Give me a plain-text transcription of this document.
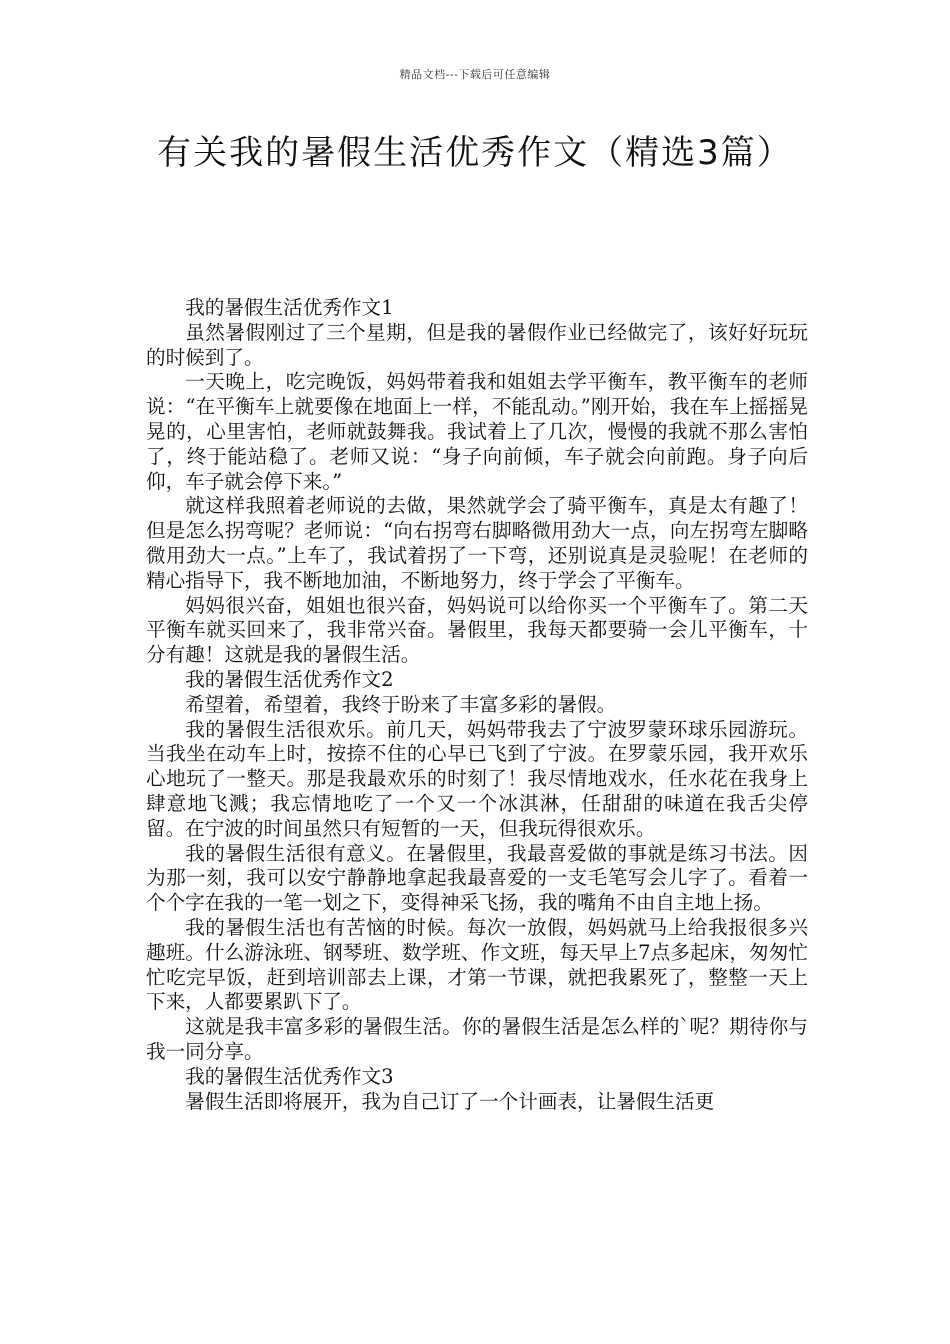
精品文档---下载后可任意编辑
有关我的暑假生活优秀作文（精选3篇）

我的暑假生活优秀作文1

虽然暑假刚过了三个星期，但是我的暑假作业已经做完了，该好好玩玩的时候到了。

一天晚上，吃完晚饭，妈妈带着我和姐姐去学平衡车，教平衡车的老师说：“在平衡车上就要像在地面上一样，不能乱动。”刚开始，我在车上摇摇晃晃的，心里害怕，老师就鼓舞我。我试着上了几次，慢慢的我就不那么害怕了，终于能站稳了。老师又说：“身子向前倾，车子就会向前跑。身子向后仰，车子就会停下来。”

就这样我照着老师说的去做，果然就学会了骑平衡车，真是太有趣了！但是怎么拐弯呢？老师说：“向右拐弯右脚略微用劲大一点，向左拐弯左脚略微用劲大一点。”上车了，我试着拐了一下弯，还别说真是灵验呢！在老师的精心指导下，我不断地加油，不断地努力，终于学会了平衡车。

妈妈很兴奋，姐姐也很兴奋，妈妈说可以给你买一个平衡车了。第二天平衡车就买回来了，我非常兴奋。暑假里，我每天都要骑一会儿平衡车，十分有趣！这就是我的暑假生活。

我的暑假生活优秀作文2

希望着，希望着，我终于盼来了丰富多彩的暑假。

我的暑假生活很欢乐。前几天，妈妈带我去了宁波罗蒙环球乐园游玩。当我坐在动车上时，按捺不住的心早已飞到了宁波。在罗蒙乐园，我开欢乐心地玩了一整天。那是我最欢乐的时刻了！我尽情地戏水，任水花在我身上肆意地飞溅；我忘情地吃了一个又一个冰淇淋，任甜甜的味道在我舌尖停留。在宁波的时间虽然只有短暂的一天，但我玩得很欢乐。

我的暑假生活很有意义。在暑假里，我最喜爱做的事就是练习书法。因为那一刻，我可以安宁静静地拿起我最喜爱的一支毛笔写会儿字了。看着一个个字在我的一笔一划之下，变得神采飞扬，我的嘴角不由自主地上扬。

我的暑假生活也有苦恼的时候。每次一放假，妈妈就马上给我报很多兴趣班。什么游泳班、钢琴班、数学班、作文班，每天早上7点多起床，匆匆忙忙吃完早饭，赶到培训部去上课，才第一节课，就把我累死了，整整一天上下来，人都要累趴下了。

这就是我丰富多彩的暑假生活。你的暑假生活是怎么样的`呢？期待你与我一同分享。

我的暑假生活优秀作文3

暑假生活即将展开，我为自己订了一个计画表，让暑假生活更
